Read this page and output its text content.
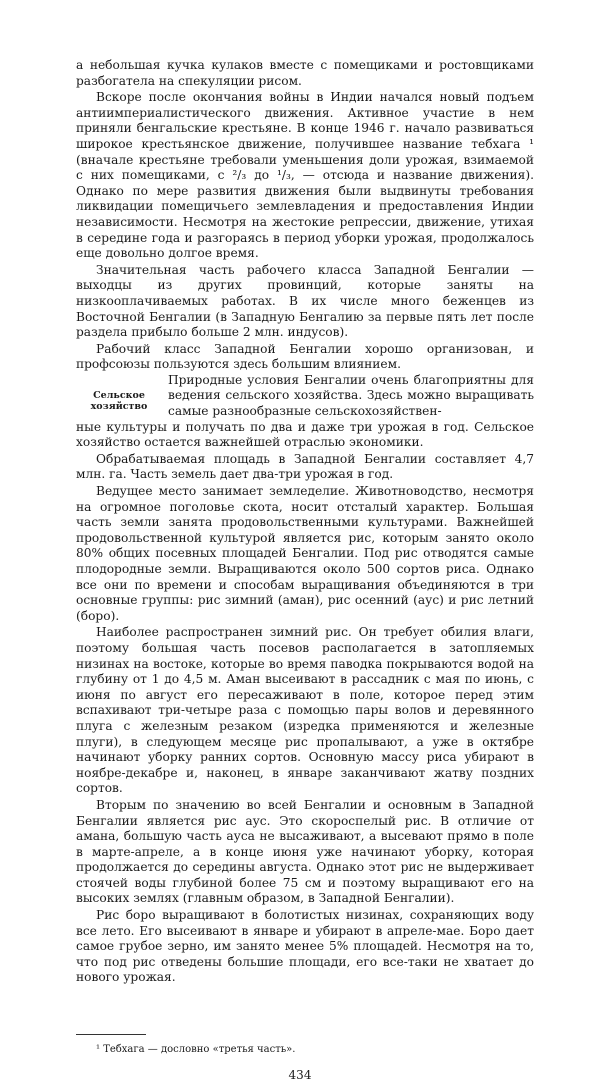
а небольшая кучка кулаков вместе с помещиками и ростовщиками разбогатела на спекуляции рисом.

Вскоре после окончания войны в Индии начался новый подъем антиимпериалистического движения. Активное участие в нем приняли бенгальские крестьяне. В конце 1946 г. начало развиваться широкое крестьянское движение, получившее название тебхага ¹ (вначале крестьяне требовали уменьшения доли урожая, взимаемой с них помещиками, с ²/₃ до ¹/₃, — отсюда и название движения). Однако по мере развития движения были выдвинуты требования ликвидации помещичьего землевладения и предоставления Индии независимости. Несмотря на жестокие репрессии, движение, утихая в середине года и разгораясь в период уборки урожая, продолжалось еще довольно долгое время.

Значительная часть рабочего класса Западной Бенгалии — выходцы из других провинций, которые заняты на низкооплачиваемых работах. В их числе много беженцев из Восточной Бенгалии (в Западную Бенгалию за первые пять лет после раздела прибыло больше 2 млн. индусов).

Рабочий класс Западной Бенгалии хорошо организован, и профсоюзы пользуются здесь большим влиянием.

Сельское хозяйство

Природные условия Бенгалии очень благоприятны для ведения сельского хозяйства. Здесь можно выращивать самые разнообразные сельскохозяйствен-

ные культуры и получать по два и даже три урожая в год. Сельское хозяйство остается важнейшей отраслью экономики.

Обрабатываемая площадь в Западной Бенгалии составляет 4,7 млн. га. Часть земель дает два-три урожая в год.

Ведущее место занимает земледелие. Животноводство, несмотря на огромное поголовье скота, носит отсталый характер. Большая часть земли занята продовольственными культурами. Важнейшей продовольственной культурой является рис, которым занято около 80% общих посевных площадей Бенгалии. Под рис отводятся самые плодородные земли. Выращиваются около 500 сортов риса. Однако все они по времени и способам выращивания объединяются в три основные группы: рис зимний (аман), рис осенний (аус) и рис летний (боро).

Наиболее распространен зимний рис. Он требует обилия влаги, поэтому большая часть посевов располагается в затопляемых низинах на востоке, которые во время паводка покрываются водой на глубину от 1 до 4,5 м. Аман высеивают в рассадник с мая по июнь, с июня по август его пересаживают в поле, которое перед этим вспахивают три-четыре раза с помощью пары волов и деревянного плуга с железным резаком (изредка применяются и железные плуги), в следующем месяце рис пропалывают, а уже в октябре начинают уборку ранних сортов. Основную массу риса убирают в ноябре-декабре и, наконец, в январе заканчивают жатву поздних сортов.

Вторым по значению во всей Бенгалии и основным в Западной Бенгалии является рис аус. Это скороспелый рис. В отличие от амана, большую часть ауса не высаживают, а высевают прямо в поле в марте-апреле, а в конце июня уже начинают уборку, которая продолжается до середины августа. Однако этот рис не выдерживает стоячей воды глубиной более 75 см и поэтому выращивают его на высоких землях (главным образом, в Западной Бенгалии).

Рис боро выращивают в болотистых низинах, сохраняющих воду все лето. Его высеивают в январе и убирают в апреле-мае. Боро дает самое грубое зерно, им занято менее 5% площадей. Несмотря на то, что под рис отведены большие площади, его все-таки не хватает до нового урожая.

¹ Тебхага — дословно «третья часть».
434
